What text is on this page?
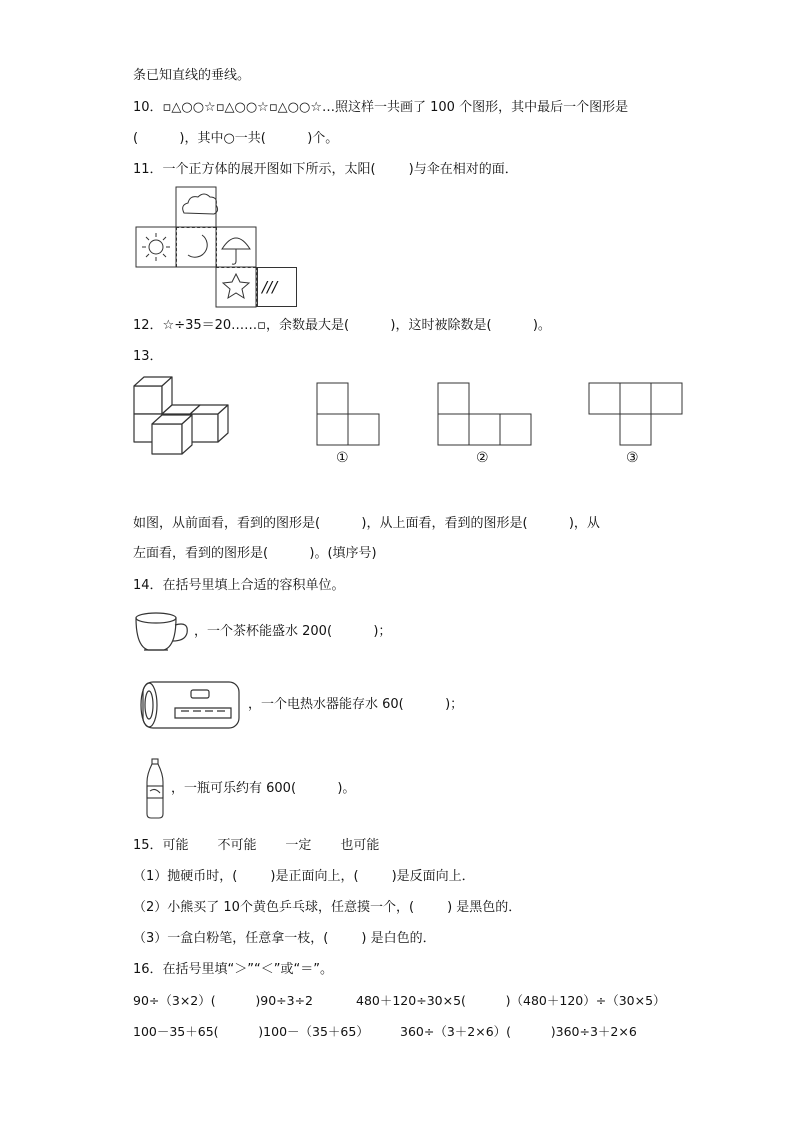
条已知直线的垂线。
10．▫△○○☆▫△○○☆▫△○○☆…照这样一共画了 100 个图形，其中最后一个图形是
(          )，其中○一共(          )个。
11．一个正方体的展开图如下所示，太阳(        )与伞在相对的面．
///
12．☆÷35＝20……▫，余数最大是(          )，这时被除数是(          )。
13．
①	②	③
如图，从前面看，看到的图形是(          )，从上面看，看到的图形是(          )，从
左面看，看到的图形是(          )。(填序号)
14．在括号里填上合适的容积单位。
，一个茶杯能盛水 200(          )；
，一个电热水器能存水 60(          )；
，一瓶可乐约有 600(          )。
15．可能       不可能       一定       也可能
（1）抛硬币时，(        )是正面向上，(        )是反面向上．
（2）小熊买了 10个黄色乒乓球，任意摸一个，(        ) 是黑色的．
（3）一盒白粉笔，任意拿一枝，(        ) 是白色的．
16．在括号里填“＞”“＜”或“＝”。
90÷（3×2）(          )90÷3÷2	480＋120÷30×5(          )（480＋120）÷（30×5）
100－35＋65(          )100－（35＋65） 360÷（3＋2×6）(          )360÷3＋2×6
